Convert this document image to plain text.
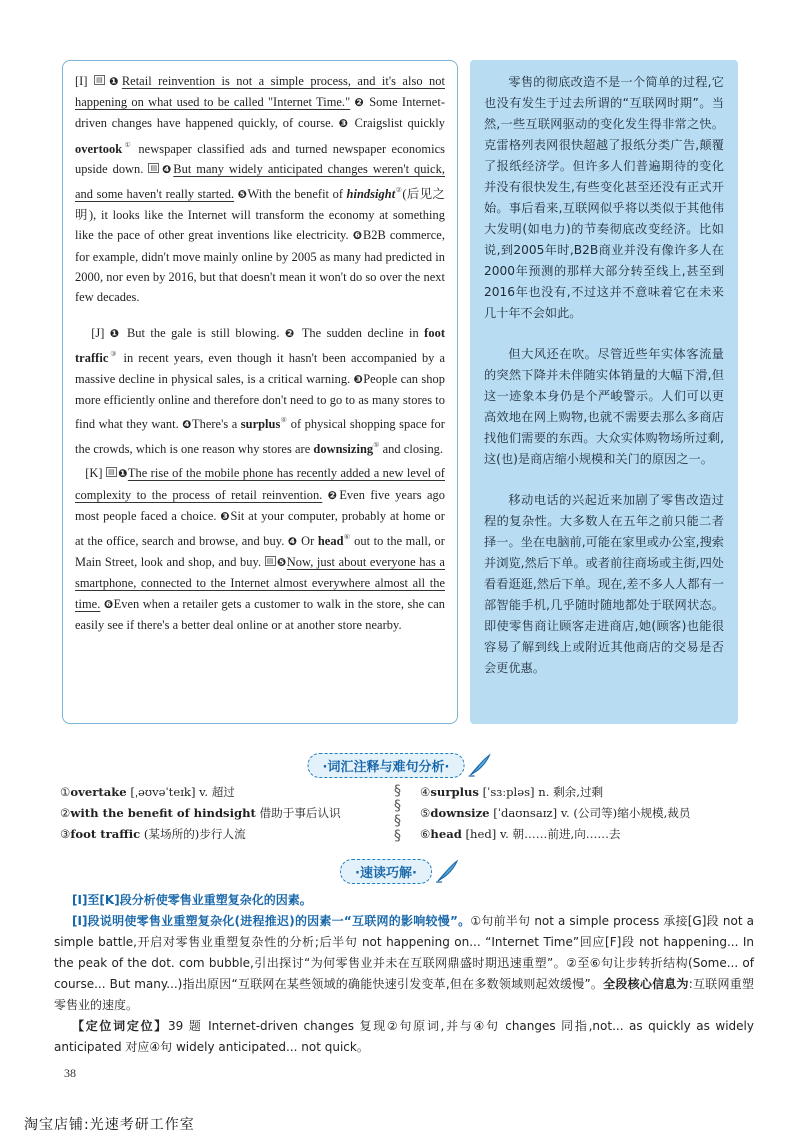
[I] ▤ ❶Retail reinvention is not a simple process, and it's also not happening on what used to be called "Internet Time." ❷ Some Internet-driven changes have happened quickly, of course. ❸ Craigslist quickly overtook① newspaper classified ads and turned newspaper economics upside down. ▤ ❹But many widely anticipated changes weren't quick, and some haven't really started. ❺With the benefit of hindsight②(后见之明), it looks like the Internet will transform the economy at something like the pace of other great inventions like electricity. ❻B2B commerce, for example, didn't move mainly online by 2005 as many had predicted in 2000, nor even by 2016, but that doesn't mean it won't do so over the next few decades.

[J] ❶ But the gale is still blowing. ❷ The sudden decline in foot traffic③ in recent years, even though it hasn't been accompanied by a massive decline in physical sales, is a critical warning. ❸People can shop more efficiently online and therefore don't need to go to as many stores to find what they want. ❹There's a surplus④ of physical shopping space for the crowds, which is one reason why stores are downsizing⑤ and closing.

[K] ▤ ❶The rise of the mobile phone has recently added a new level of complexity to the process of retail reinvention. ❷Even five years ago most people faced a choice. ❸Sit at your computer, probably at home or at the office, search and browse, and buy. ❹ Or head⑥ out to the mall, or Main Street, look and shop, and buy. ▤ ❺Now, just about everyone has a smartphone, connected to the Internet almost everywhere almost all the time. ❻Even when a retailer gets a customer to walk in the store, she can easily see if there's a better deal online or at another store nearby.

零售的彻底改造不是一个简单的过程,它也没有发生于过去所谓的“互联网时期”。当然,一些互联网驱动的变化发生得非常之快。克雷格列表网很快超越了报纸分类广告,颠覆了报纸经济学。但许多人们普遍期待的变化并没有很快发生,有些变化甚至还没有正式开始。事后看来,互联网似乎将以类似于其他伟大发明(如电力)的节奏彻底改变经济。比如说,到2005年时,B2B商业并没有像许多人在2000年预测的那样大部分转至线上,甚至到2016年也没有,不过这并不意味着它在未来几十年不会如此。

但大风还在吹。尽管近些年实体客流量的突然下降并未伴随实体销量的大幅下滑,但这一迹象本身仍是个严峻警示。人们可以更高效地在网上购物,也就不需要去那么多商店找他们需要的东西。大众实体购物场所过剩,这(也)是商店缩小规模和关门的原因之一。

移动电话的兴起近来加剧了零售改造过程的复杂性。大多数人在五年之前只能二者择一。坐在电脑前,可能在家里或办公室,搜索并浏览,然后下单。或者前往商场或主街,四处看看逛逛,然后下单。现在,差不多人人都有一部智能手机,几乎随时随地都处于联网状态。即使零售商让顾客走进商店,她(顾客)也能很容易了解到线上或附近其他商店的交易是否会更优惠。

·词汇注释与难句分析·
①overtake [ˌəʊvəˈteɪk] v. 超过
②with the benefit of hindsight 借助于事后认识
③foot traffic (某场所的)步行人流
§
§
§
§
④surplus [ˈsɜːpləs] n. 剩余,过剩
⑤downsize [ˈdaʊnsaɪz] v. (公司等)缩小规模,裁员
⑥head [hed] v. 朝……前进,向……去
·速读巧解·

[I]至[K]段分析使零售业重塑复杂化的因素。

[I]段说明使零售业重塑复杂化(进程推迟)的因素一“互联网的影响较慢”。①句前半句 not a simple process 承接[G]段 not a simple battle,开启对零售业重塑复杂性的分析;后半句 not happening on... “Internet Time”回应[F]段 not happening... In the peak of the dot. com bubble,引出探讨“为何零售业并未在互联网鼎盛时期迅速重塑”。②至⑥句让步转折结构(Some... of course... But many...)指出原因“互联网在某些领域的确能快速引发变革,但在多数领域则起效缓慢”。全段核心信息为:互联网重塑零售业的速度。

【定位词定位】39 题 Internet-driven changes 复现②句原词,并与④句 changes 同指,not... as quickly as widely anticipated 对应④句 widely anticipated... not quick。

38
淘宝店铺:光速考研工作室
